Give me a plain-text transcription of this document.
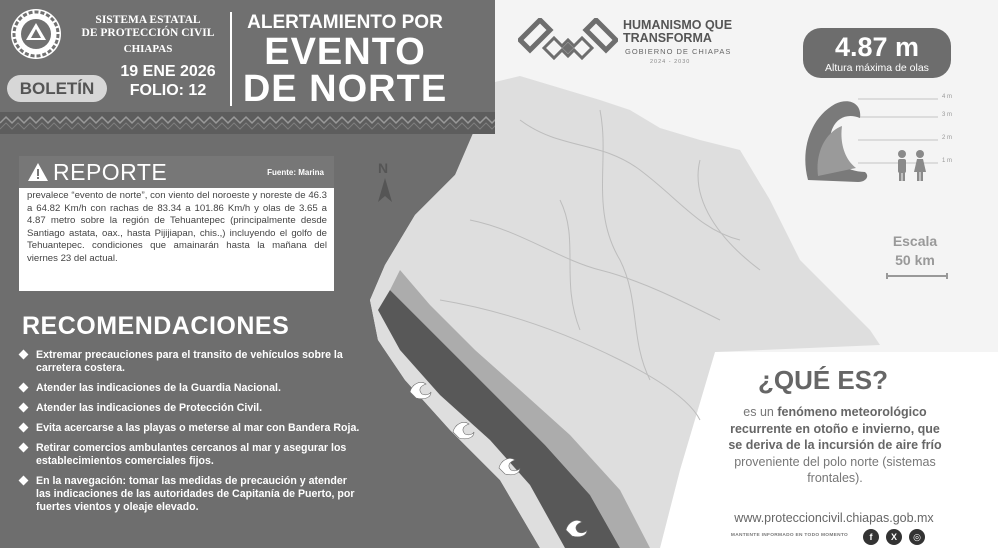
SISTEMA ESTATAL
DE PROTECCIÓN CIVIL
CHIAPAS
BOLETÍN
19 ENE 2026
FOLIO: 12
ALERTAMIENTO POR
EVENTO
DE NORTE
REPORTE	Fuente: Marina
prevalece “evento de norte”, con viento del noroeste y noreste de 46.3 a 64.82 Km/h con rachas de 83.34 a 101.86 Km/h y olas de 3.65 a 4.87 metro sobre la región de Tehuantepec (principalmente desde Santiago astata, oax., hasta Pijijiapan, chis.,) incluyendo el golfo de Tehuantepec. condiciones que amainarán hasta la mañana del viernes 23 del actual.
RECOMENDACIONES
Extremar precauciones para el transito de vehículos sobre la carretera costera.
Atender las indicaciones de la Guardia Nacional.
Atender las indicaciones de Protección Civil.
Evita acercarse a las playas o meterse al mar con Bandera Roja.
Retirar comercios ambulantes cercanos al mar y asegurar los establecimientos comerciales fijos.
En la navegación: tomar las medidas de precaución y atender las indicaciones de las autoridades de Capitanía de Puerto, por fuertes vientos y oleaje elevado.
HUMANISMO QUE
TRANSFORMA
GOBIERNO DE CHIAPAS
2024 - 2030	4.87 m
Altura máxima de olas
4 m
3 m
2 m
1 m
N
Escala
50 km
¿QUÉ ES?
es un fenómeno meteorológico recurrente en otoño e invierno, que se deriva de la incursión de aire frío proveniente del polo norte (sistemas frontales).
www.proteccioncivil.chiapas.gob.mx
MANTENTE INFORMADO EN TODO MOMENTO	f	X	◎
